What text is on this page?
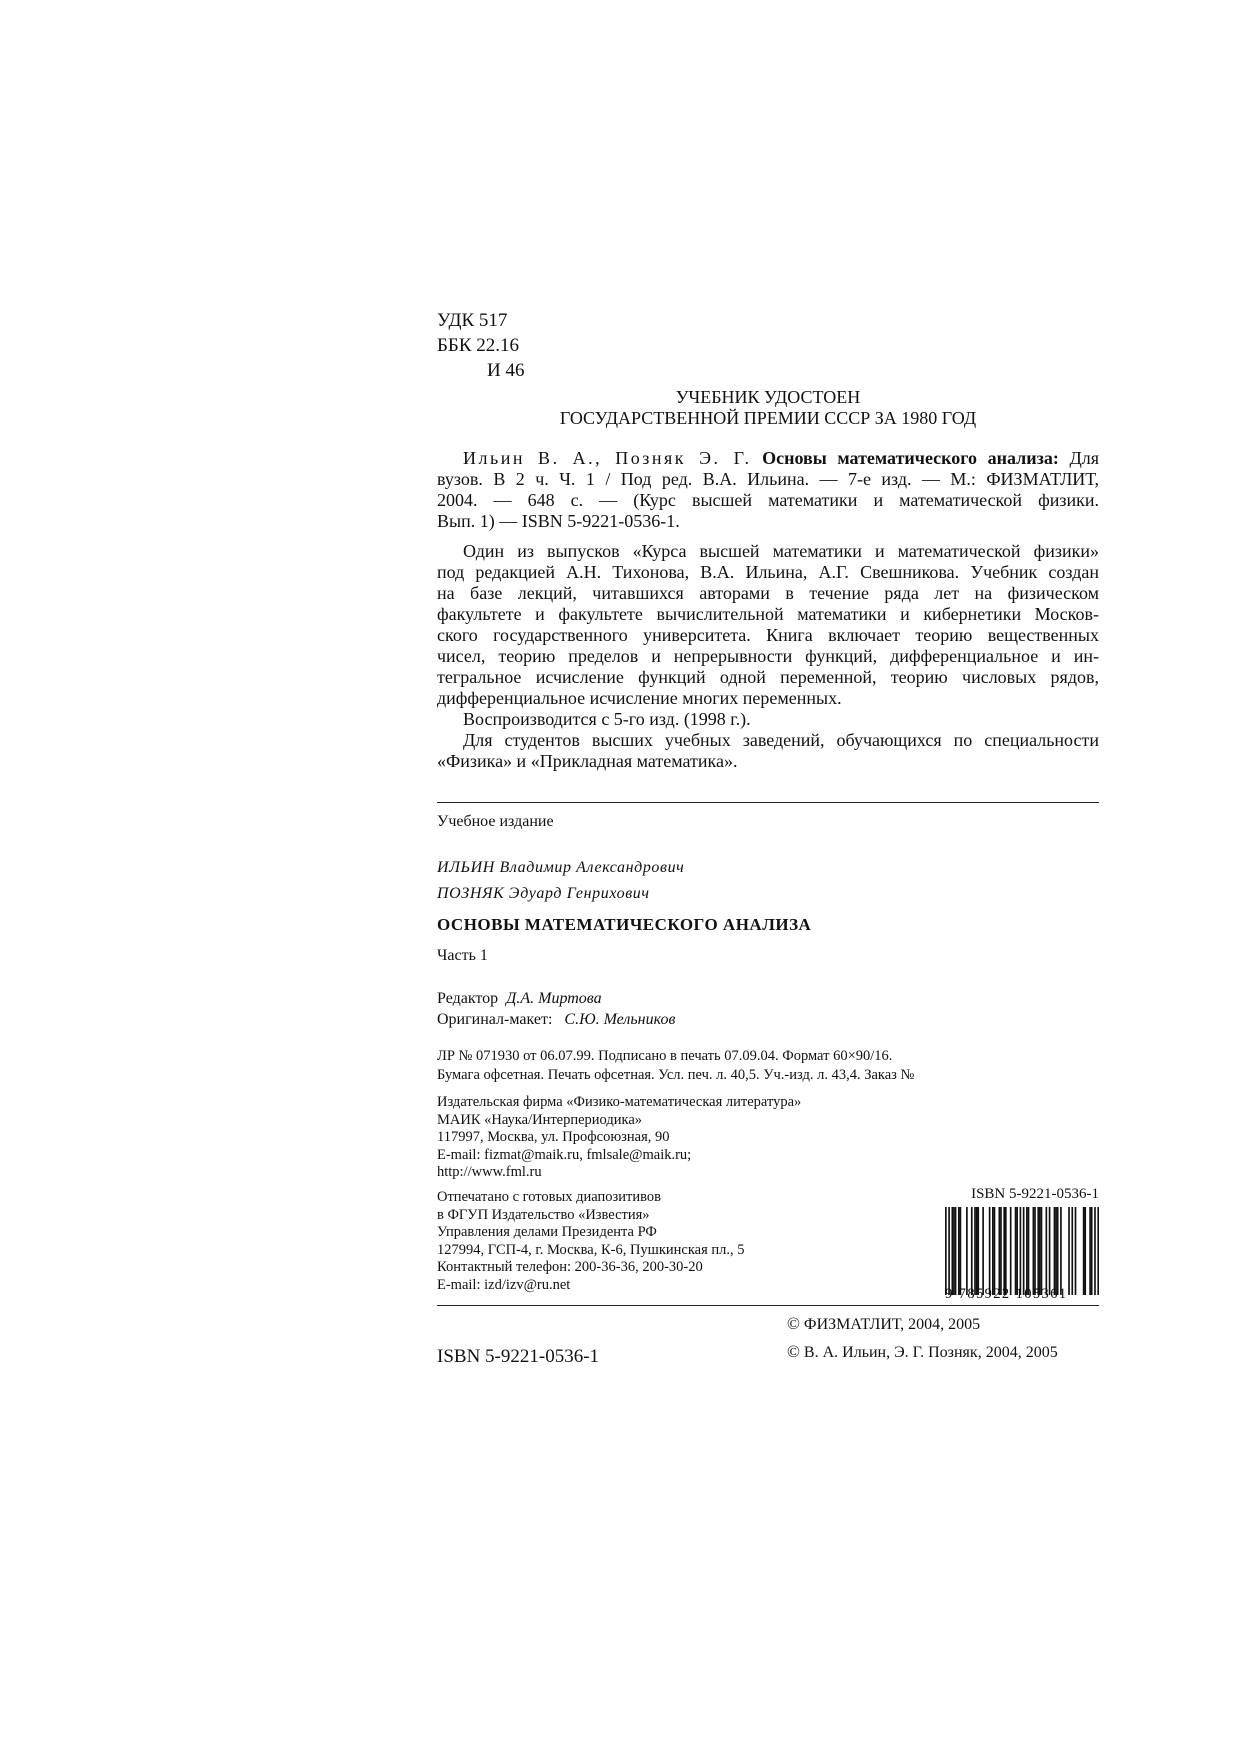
УДК 517
ББК 22.16
И 46
УЧЕБНИК УДОСТОЕН
ГОСУДАРСТВЕННОЙ ПРЕМИИ СССР ЗА 1980 ГОД
Ильин В. А., Позняк Э. Г. Основы математического анализа: Для
вузов. В 2 ч. Ч. 1 / Под ред. В.А. Ильина. — 7-е изд. — М.: ФИЗМАТЛИТ,
2004. — 648 с. — (Курс высшей математики и математической физики.
Вып. 1) — ISBN 5-9221-0536-1.
Один из выпусков «Курса высшей математики и математической физики»
под редакцией А.Н. Тихонова, В.А. Ильина, А.Г. Свешникова. Учебник создан
на базе лекций, читавшихся авторами в течение ряда лет на физическом
факультете и факультете вычислительной математики и кибернетики Москов-
ского государственного университета. Книга включает теорию вещественных
чисел, теорию пределов и непрерывности функций, дифференциальное и ин-
тегральное исчисление функций одной переменной, теорию числовых рядов,
дифференциальное исчисление многих переменных.
Воспроизводится с 5-го изд. (1998 г.).
Для студентов высших учебных заведений, обучающихся по специальности
«Физика» и «Прикладная математика».
Учебное издание
ИЛЬИН Владимир Александрович
ПОЗНЯК Эдуард Генрихович
ОСНОВЫ МАТЕМАТИЧЕСКОГО АНАЛИЗА
Часть 1
Редактор Д.А. Миртова
Оригинал-макет: С.Ю. Мельников
ЛР № 071930 от 06.07.99. Подписано в печать 07.09.04. Формат 60×90/16.
Бумага офсетная. Печать офсетная. Усл. печ. л. 40,5. Уч.-изд. л. 43,4. Заказ №
Издательская фирма «Физико-математическая литература»
МАИК «Наука/Интерпериодика»
117997, Москва, ул. Профсоюзная, 90
E-mail: fizmat@maik.ru, fmlsale@maik.ru;
http://www.fml.ru
Отпечатано с готовых диапозитивов
в ФГУП Издательство «Известия»
Управления делами Президента РФ
127994, ГСП-4, г. Москва, К-6, Пушкинская пл., 5
Контактный телефон: 200-36-36, 200-30-20
E-mail: izd/izv@ru.net
ISBN 5-9221-0536-1
9 785922 105361
© ФИЗМАТЛИТ, 2004, 2005
© В. А. Ильин, Э. Г. Позняк, 2004, 2005
ISBN 5-9221-0536-1
